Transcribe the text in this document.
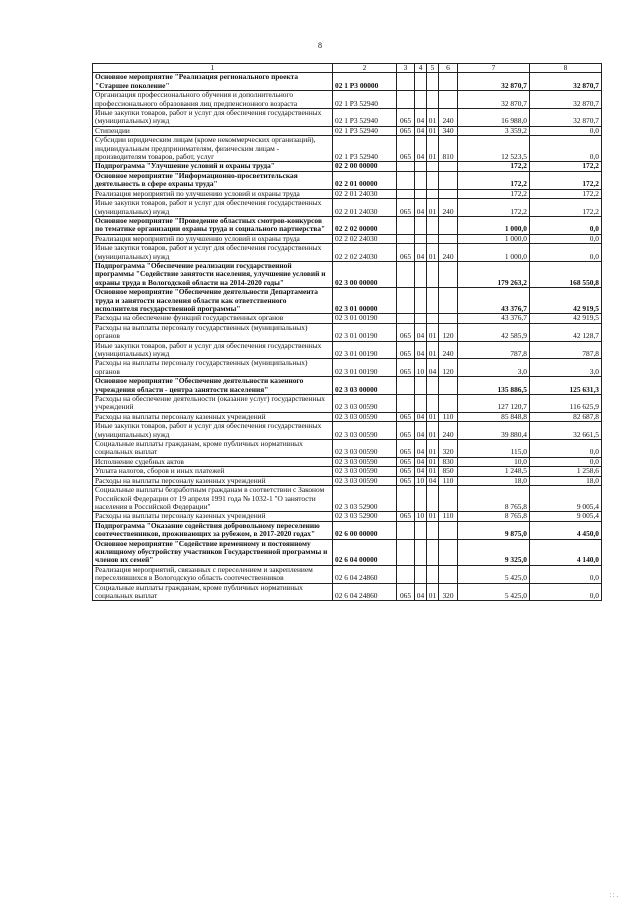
8
1	2	3	4	5	6	7	8
Основное мероприятие "Реализация регионального проекта "Старшее поколение"	02 1 P3 00000					32 870,7	32 870,7
Организация профессионального обучения и дополнительного профессионального образования лиц предпенсионного возраста	02 1 P3 52940					32 870,7	32 870,7
Иные закупки товаров, работ и услуг для обеспечения государственных (муниципальных) нужд	02 1 P3 52940	065	04	01	240	16 988,0	32 870,7
Стипендии	02 1 P3 52940	065	04	01	340	3 359,2	0,0
Субсидии юридическим лицам (кроме некоммерческих организаций), индивидуальным предпринимателям, физическим лицам - производителям товаров, работ, услуг	02 1 P3 52940	065	04	01	810	12 523,5	0,0
Подпрограмма "Улучшение условий и охраны труда"	02 2 00 00000					172,2	172,2
Основное мероприятие "Информационно-просветительская деятельность в сфере охраны труда"	02 2 01 00000					172,2	172,2
Реализация мероприятий по улучшению условий и охраны труда	02 2 01 24030					172,2	172,2
Иные закупки товаров, работ и услуг для обеспечения государственных (муниципальных) нужд	02 2 01 24030	065	04	01	240	172,2	172,2
Основное мероприятие "Проведение областных смотров-конкурсов по тематике организации охраны труда и социального партнерства"	02 2 02 00000					1 000,0	0,0
Реализация мероприятий по улучшению условий и охраны труда	02 2 02 24030					1 000,0	0,0
Иные закупки товаров, работ и услуг для обеспечения государственных (муниципальных) нужд	02 2 02 24030	065	04	01	240	1 000,0	0,0
Подпрограмма "Обеспечение реализации государственной программы "Содействие занятости населения, улучшение условий и охраны труда в Вологодской области на 2014-2020 годы"	02 3 00 00000					179 263,2	168 550,8
Основное мероприятие "Обеспечение деятельности Департамента труда и занятости населения области как ответственного исполнителя государственной программы"	02 3 01 00000					43 376,7	42 919,5
Расходы на обеспечение функций государственных органов	02 3 01 00190					43 376,7	42 919,5
Расходы на выплаты персоналу государственных (муниципальных) органов	02 3 01 00190	065	04	01	120	42 585,9	42 128,7
Иные закупки товаров, работ и услуг для обеспечения государственных (муниципальных) нужд	02 3 01 00190	065	04	01	240	787,8	787,8
Расходы на выплаты персоналу государственных (муниципальных) органов	02 3 01 00190	065	10	04	120	3,0	3,0
Основное мероприятие "Обеспечение деятельности казенного учреждения области - центра занятости населения"	02 3 03 00000					135 886,5	125 631,3
Расходы на обеспечение деятельности (оказание услуг) государственных учреждений	02 3 03 00590					127 120,7	116 625,9
Расходы на выплаты персоналу казенных учреждений	02 3 03 00590	065	04	01	110	85 848,8	82 687,8
Иные закупки товаров, работ и услуг для обеспечения государственных (муниципальных) нужд	02 3 03 00590	065	04	01	240	39 880,4	32 661,5
Социальные выплаты гражданам, кроме публичных нормативных социальных выплат	02 3 03 00590	065	04	01	320	115,0	0,0
Исполнение судебных актов	02 3 03 00590	065	04	01	830	10,0	0,0
Уплата налогов, сборов и иных платежей	02 3 03 00590	065	04	01	850	1 248,5	1 258,6
Расходы на выплаты персоналу казенных учреждений	02 3 03 00590	065	10	04	110	18,0	18,0
Социальные выплаты безработным гражданам в соответствии с Законом Российской Федерации от 19 апреля 1991 года № 1032-1 "О занятости населения в Российской Федерации"	02 3 03 52900					8 765,8	9 005,4
Расходы на выплаты персоналу казенных учреждений	02 3 03 52900	065	10	01	110	8 765,8	9 005,4
Подпрограмма "Оказание содействия добровольному переселению соотечественников, проживающих за рубежом, в 2017-2020 годах"	02 6 00 00000					9 875,0	4 450,0
Основное мероприятие "Содействие временному и постоянному жилищному обустройству участников Государственной программы и членов их семей"	02 6 04 00000					9 325,0	4 140,0
Реализация мероприятий, связанных с переселением и закреплением переселившихся в Вологодскую область соотечественников	02 6 04 24860					5 425,0	0,0
Социальные выплаты гражданам, кроме публичных нормативных социальных выплат	02 6 04 24860	065	04	01	320	5 425,0	0,0
: : .
